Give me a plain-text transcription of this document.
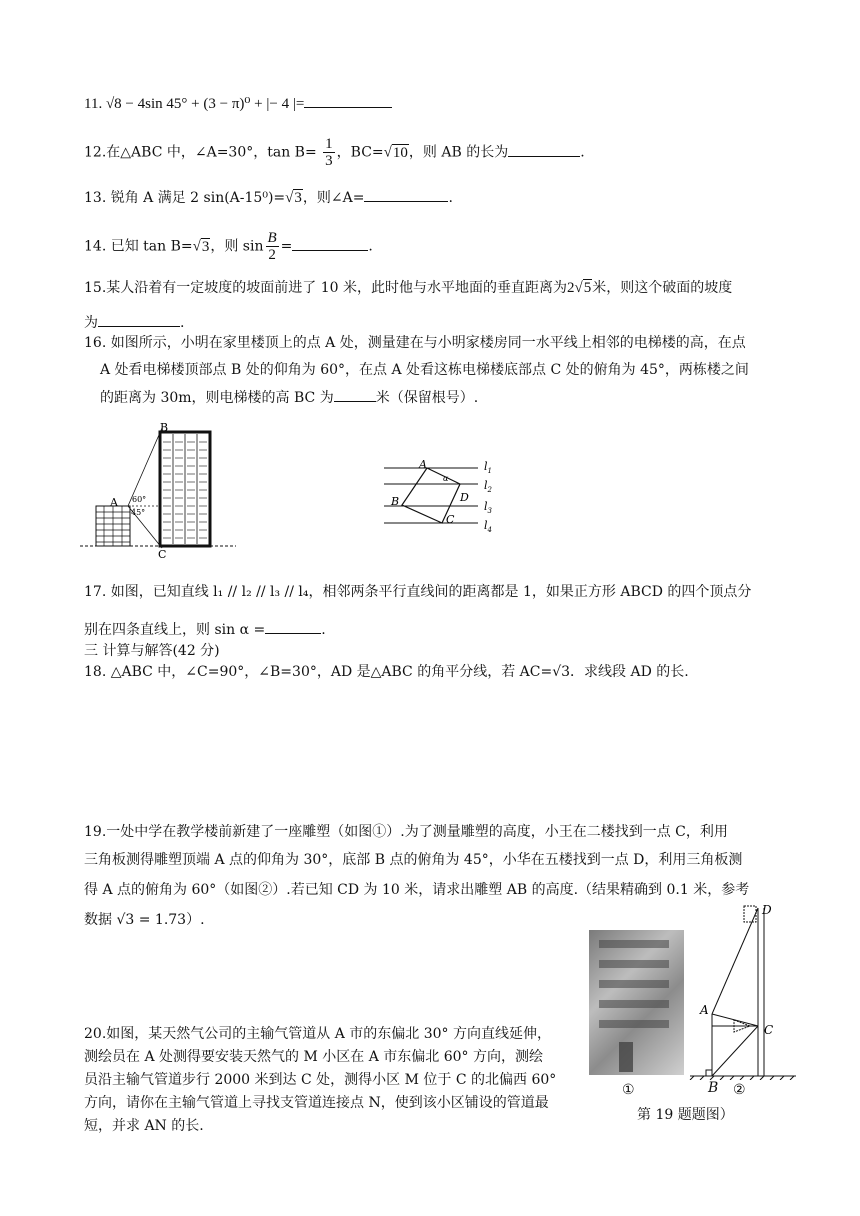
11. √8 − 4sin 45° + (3 − π)⁰ + |− 4 |=
12.在△ABC 中，∠A=30°，$\tan B= \frac{1}{3}$ ，BC=√10，则 AB 的长为	.
13. 锐角 A 满足 2 sin(A-15⁰)=√3，则∠A=	.
14. 已知 tan B=√3，则 $\sin \frac{B}{2}$ =	.
15.某人沿着有一定坡度的坡面前进了 10 米，此时他与水平地面的垂直距离为2√5米，则这个破面的坡度
为	.
16. 如图所示，小明在家里楼顶上的点 A 处，测量建在与小明家楼房同一水平线上相邻的电梯楼的高，在点
A 处看电梯楼顶部点 B 处的仰角为 60°，在点 A 处看这栋电梯楼底部点 C 处的俯角为 45°，两栋楼之间
的距离为 30m，则电梯楼的高 BC 为	米（保留根号）.
B
A
C
60°
45°
A
α
B	D
C
$l_1$
$l_2$
$l_3$
$l_4$
17. 如图，已知直线 l₁ // l₂ // l₃ // l₄，相邻两条平行直线间的距离都是 1，如果正方形 ABCD 的四个顶点分
别在四条直线上，则 sin α =	.
三 计算与解答(42 分)
18. △ABC 中，∠C=90°，∠B=30°，AD 是△ABC 的角平分线，若 AC=√3．求线段 AD 的长.
19.一处中学在教学楼前新建了一座雕塑（如图①）.为了测量雕塑的高度，小王在二楼找到一点 C，利用
三角板测得雕塑顶端 A 点的仰角为 30°，底部 B 点的俯角为 45°，小华在五楼找到一点 D，利用三角板测
得 A 点的俯角为 60°（如图②）.若已知 CD 为 10 米，请求出雕塑 AB 的高度.（结果精确到 0.1 米，参考
数据 √3 = 1.73）.
20.如图，某天然气公司的主输气管道从 A 市的东偏北 30° 方向直线延伸，
测绘员在 A 处测得要安装天然气的 M 小区在 A 市东偏北 60° 方向，测绘
员沿主输气管道步行 2000 米到达 C 处，测得小区 M 位于 C 的北偏西 60°
方向，请你在主输气管道上寻找支管道连接点 N，使到该小区铺设的管道最
短，并求 AN 的长.
D
A
C
B
①	②
第 19 题题图）
